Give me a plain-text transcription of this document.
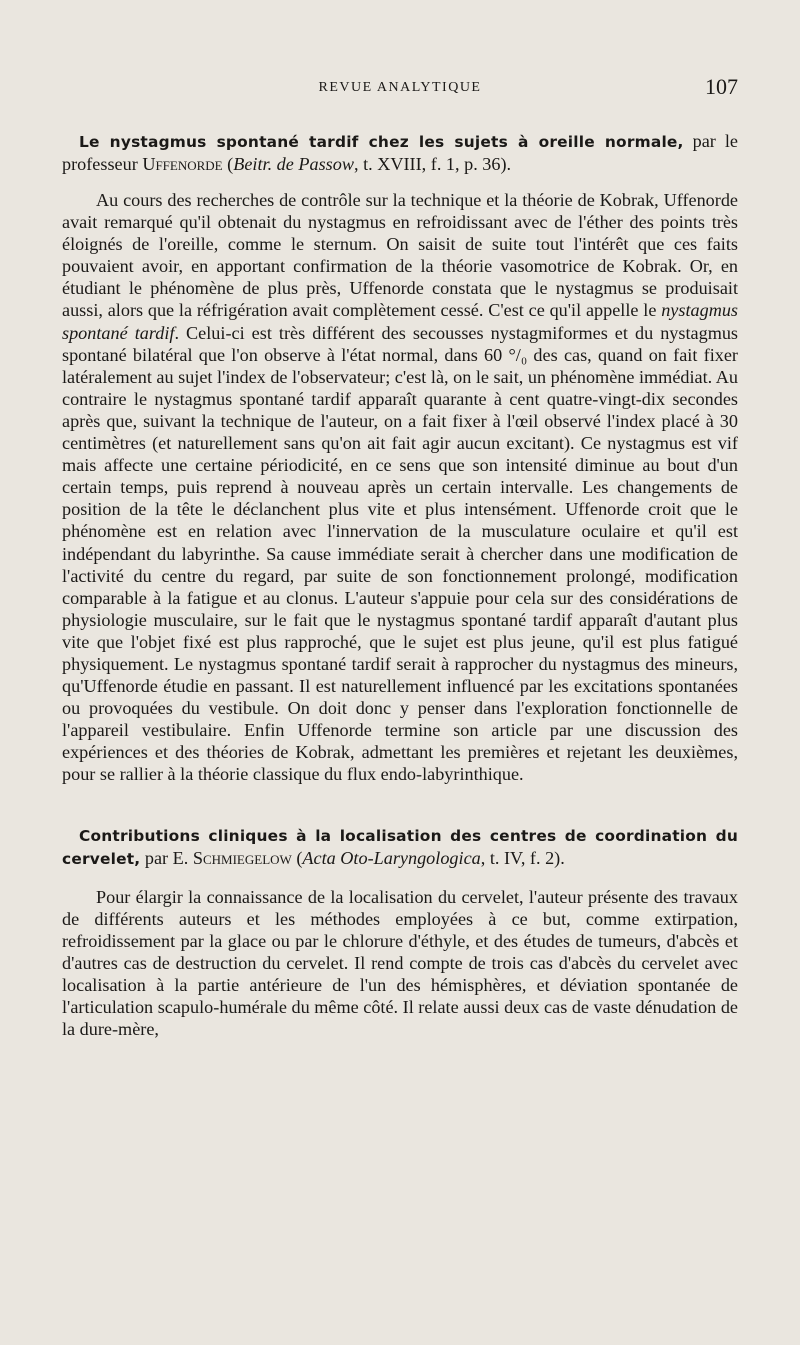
REVUE ANALYTIQUE	107

Le nystagmus spontané tardif chez les sujets à oreille normale, par le professeur Uffenorde (Beitr. de Passow, t. XVIII, f. 1, p. 36).

Au cours des recherches de contrôle sur la technique et la théorie de Kobrak, Uffenorde avait remarqué qu'il obtenait du nystagmus en refroidissant avec de l'éther des points très éloignés de l'oreille, comme le sternum. On saisit de suite tout l'intérêt que ces faits pouvaient avoir, en apportant confirmation de la théorie vasomotrice de Kobrak. Or, en étudiant le phénomène de plus près, Uffenorde constata que le nystagmus se produisait aussi, alors que la réfrigération avait complètement cessé. C'est ce qu'il appelle le nystagmus spontané tardif. Celui-ci est très différent des secousses nystagmiformes et du nystagmus spontané bilatéral que l'on observe à l'état normal, dans 60 °/₀ des cas, quand on fait fixer latéralement au sujet l'index de l'observateur; c'est là, on le sait, un phénomène immédiat. Au contraire le nystagmus spontané tardif apparaît quarante à cent quatre-vingt-dix secondes après que, suivant la technique de l'auteur, on a fait fixer à l'œil observé l'index placé à 30 centimètres (et naturellement sans qu'on ait fait agir aucun excitant). Ce nystagmus est vif mais affecte une certaine périodicité, en ce sens que son intensité diminue au bout d'un certain temps, puis reprend à nouveau après un certain intervalle. Les changements de position de la tête le déclanchent plus vite et plus intensément. Uffenorde croit que le phénomène est en relation avec l'innervation de la musculature oculaire et qu'il est indépendant du labyrinthe. Sa cause immédiate serait à chercher dans une modification de l'activité du centre du regard, par suite de son fonctionnement prolongé, modification comparable à la fatigue et au clonus. L'auteur s'appuie pour cela sur des considérations de physiologie musculaire, sur le fait que le nystagmus spontané tardif apparaît d'autant plus vite que l'objet fixé est plus rapproché, que le sujet est plus jeune, qu'il est plus fatigué physiquement. Le nystagmus spontané tardif serait à rapprocher du nystagmus des mineurs, qu'Uffenorde étudie en passant. Il est naturellement influencé par les excitations spontanées ou provoquées du vestibule. On doit donc y penser dans l'exploration fonctionnelle de l'appareil vestibulaire. Enfin Uffenorde termine son article par une discussion des expériences et des théories de Kobrak, admettant les premières et rejetant les deuxièmes, pour se rallier à la théorie classique du flux endo-labyrinthique.

Contributions cliniques à la localisation des centres de coordination du cervelet, par E. Schmiegelow (Acta Oto-Laryngologica, t. IV, f. 2).

Pour élargir la connaissance de la localisation du cervelet, l'auteur présente des travaux de différents auteurs et les méthodes employées à ce but, comme extirpation, refroidissement par la glace ou par le chlorure d'éthyle, et des études de tumeurs, d'abcès et d'autres cas de destruction du cervelet. Il rend compte de trois cas d'abcès du cervelet avec localisation à la partie antérieure de l'un des hémisphères, et déviation spontanée de l'articulation scapulo-humérale du même côté. Il relate aussi deux cas de vaste dénudation de la dure-mère,
